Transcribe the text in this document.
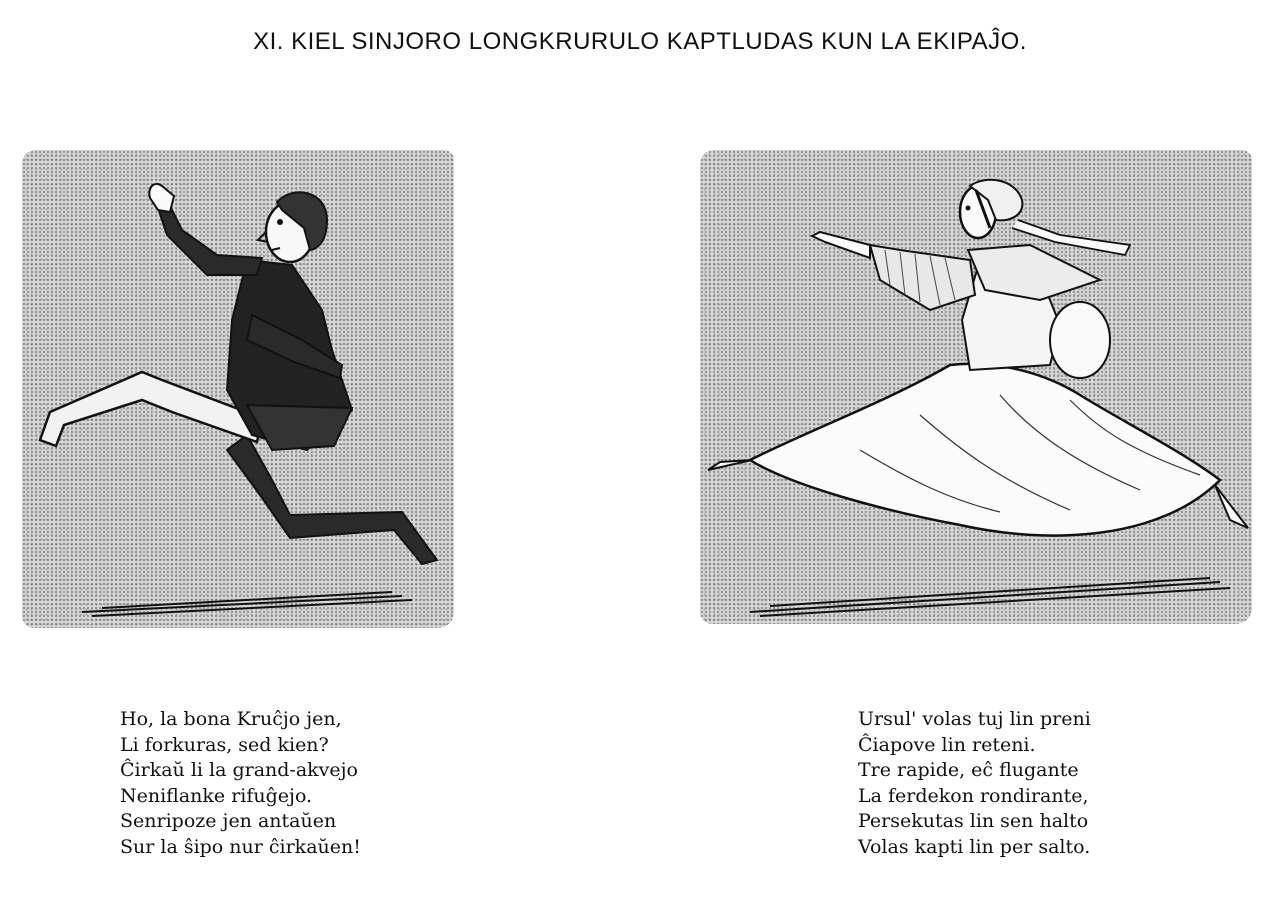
XI. KIEL SINJORO LONGKRURULO KAPTLUDAS KUN LA EKIPAĴO.
Ho, la bona Kruĉjo jen,
Li forkuras, sed kien?
Ĉirkaŭ li la grand-akvejo
Neniflanke rifuĝejo.
Senripoze jen antaŭen
Sur la ŝipo nur ĉirkaŭen!
Ursul' volas tuj lin preni
Ĉiapove lin reteni.
Tre rapide, eĉ flugante
La ferdekon rondirante,
Persekutas lin sen halto
Volas kapti lin per salto.
